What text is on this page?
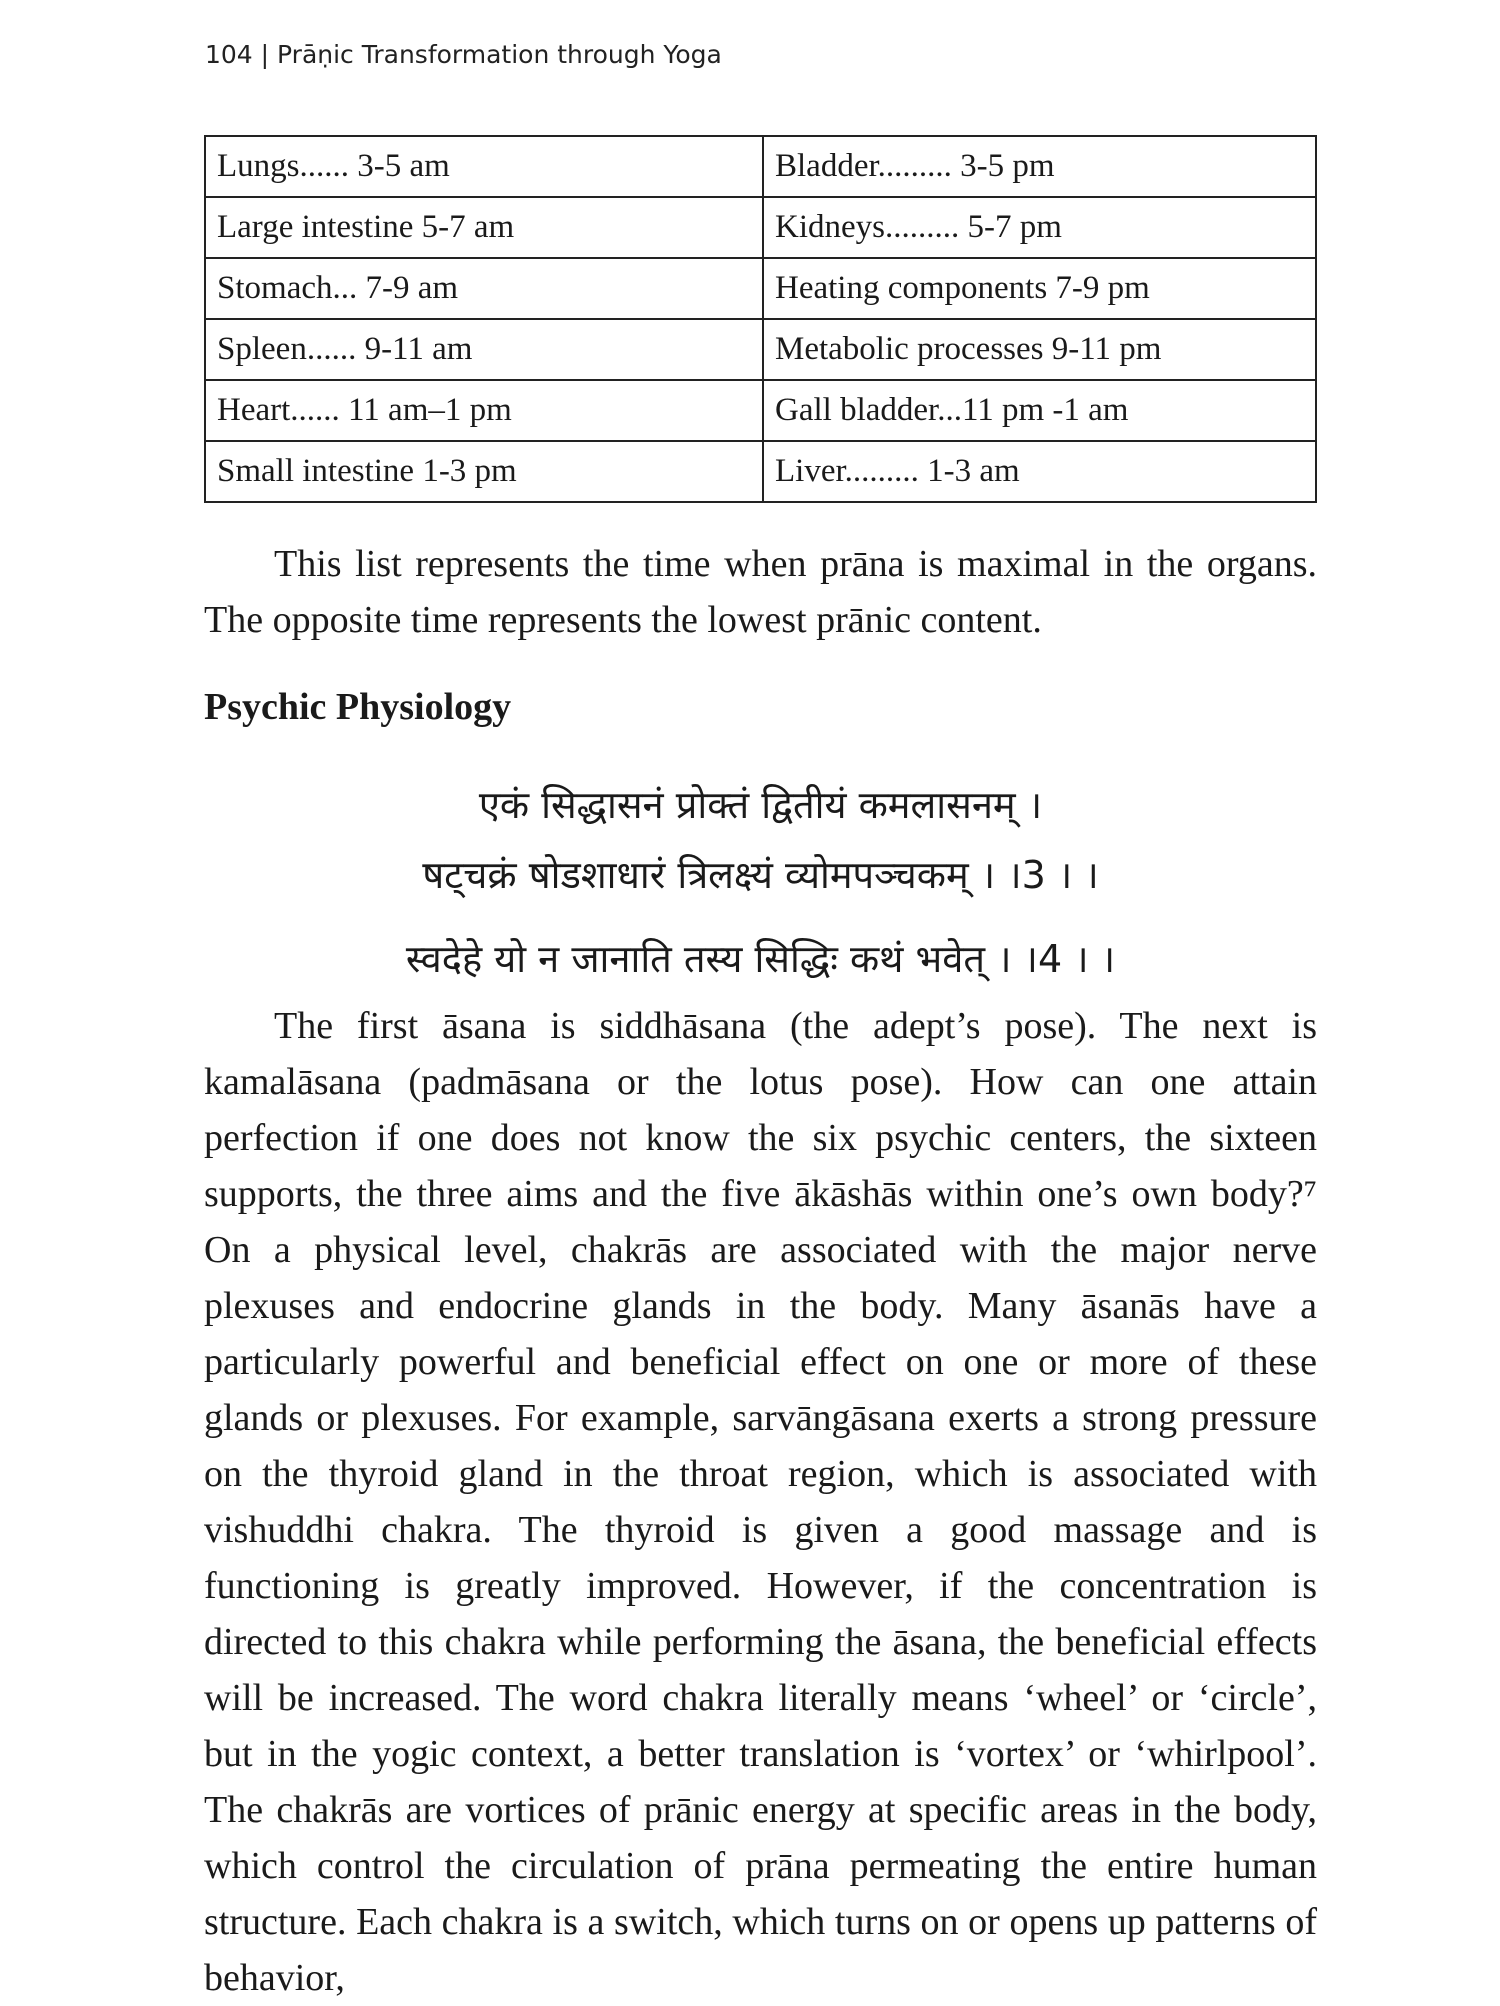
104 | Prāṇic Transformation through Yoga
Lungs...... 3-5 am	Bladder......... 3-5 pm
Large intestine 5-7 am	Kidneys......... 5-7 pm
Stomach... 7-9 am	Heating components 7-9 pm
Spleen...... 9-11 am	Metabolic processes 9-11 pm
Heart...... 11 am–1 pm	Gall bladder...11 pm -1 am
Small intestine 1-3 pm	Liver......... 1-3 am

This list represents the time when prāna is maximal in the organs. The opposite time represents the lowest prānic content.

Psychic Physiology
एकं सिद्धासनं प्रोक्तं द्वितीयं कमलासनम् ।
षट्चक्रं षोडशाधारं त्रिलक्ष्यं व्योमपञ्चकम् । ।3 । ।
स्वदेहे यो न जानाति तस्य सिद्धिः कथं भवेत् । ।4 । ।

The first āsana is siddhāsana (the adept’s pose). The next is kamalāsana (padmāsana or the lotus pose). How can one attain perfection if one does not know the six psychic centers, the sixteen supports, the three aims and the five ākāshās within one’s own body?⁷ On a physical level, chakrās are associated with the major nerve plexuses and endocrine glands in the body. Many āsanās have a particularly powerful and beneficial effect on one or more of these glands or plexuses. For example, sarvāngāsana exerts a strong pressure on the thyroid gland in the throat region, which is associated with vishuddhi chakra. The thyroid is given a good massage and is functioning is greatly improved. However, if the concentration is directed to this chakra while performing the āsana, the beneficial effects will be increased. The word chakra literally means ‘wheel’ or ‘circle’, but in the yogic context, a better translation is ‘vortex’ or ‘whirlpool’. The chakrās are vortices of prānic energy at specific areas in the body, which control the circulation of prāna permeating the entire human structure. Each chakra is a switch, which turns on or opens up patterns of behavior,
